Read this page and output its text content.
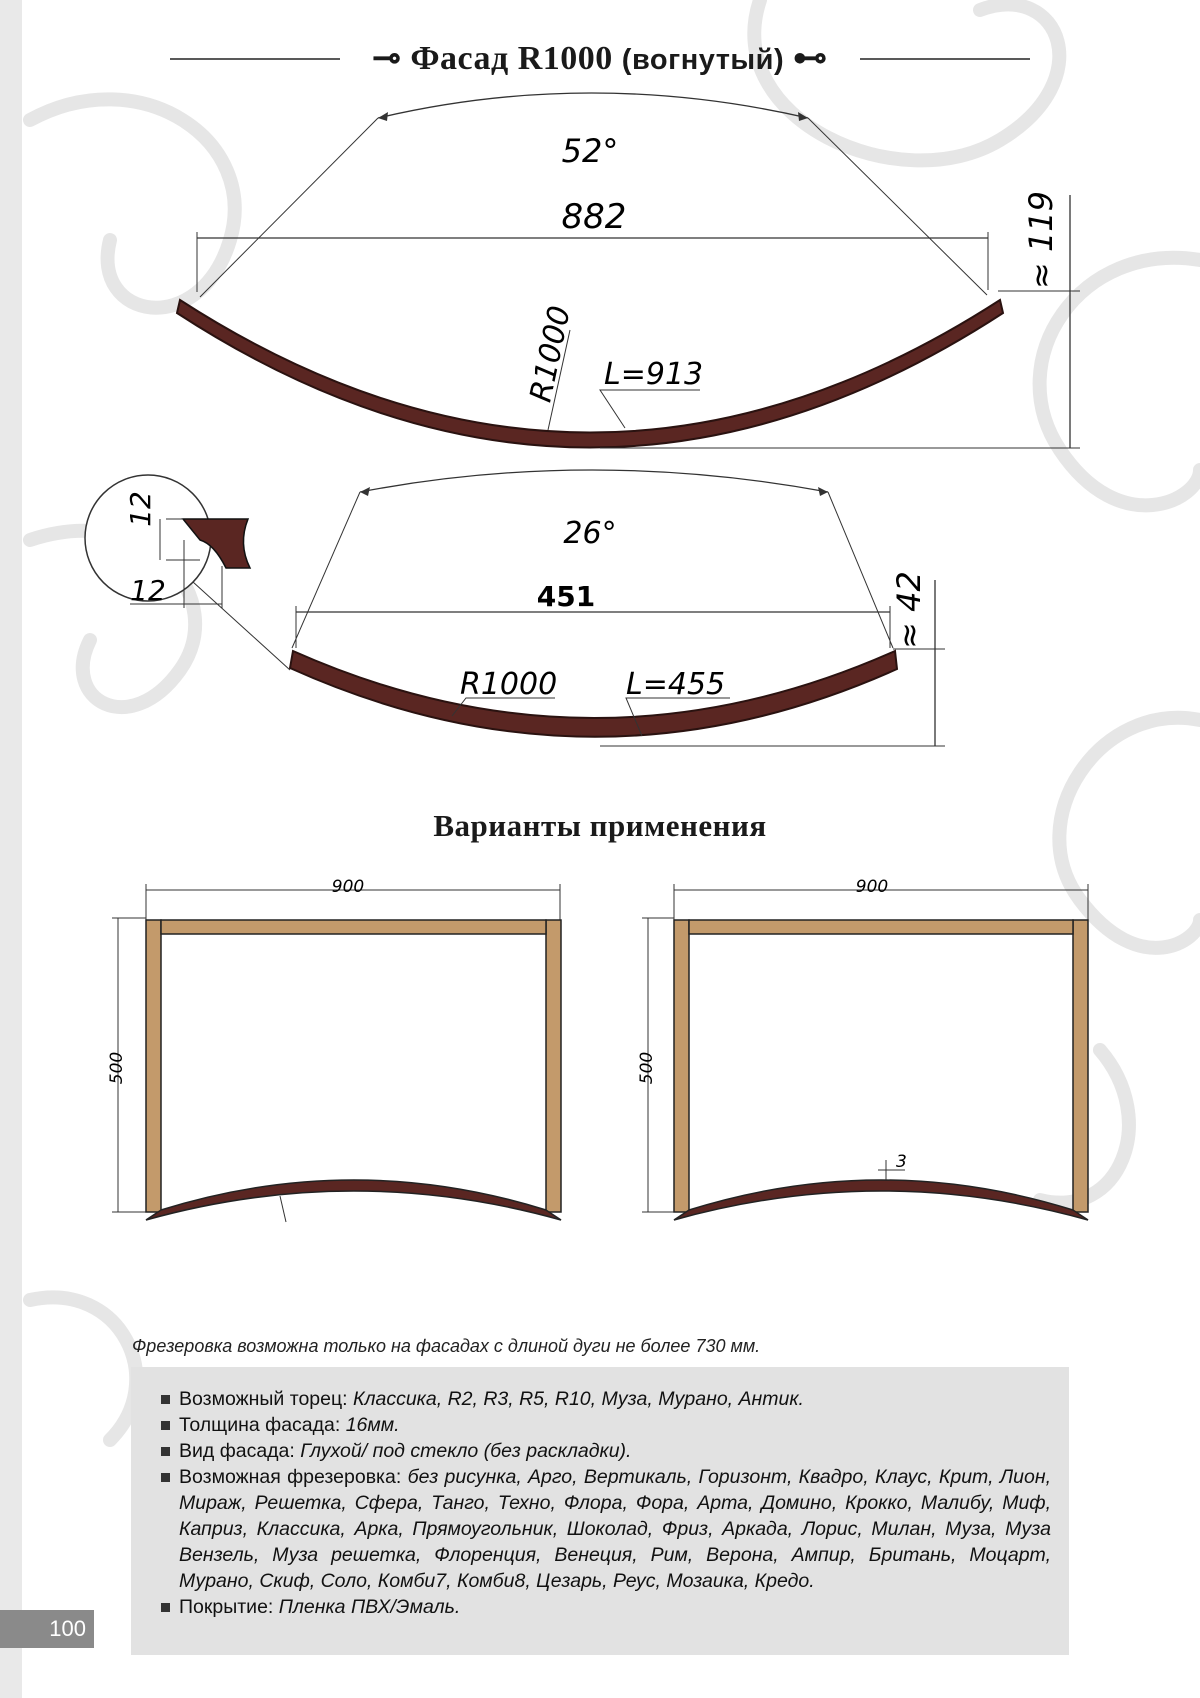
⊸ Фасад R1000 (вогнутый) ⊷
52°
882	≈ 119
R1000 L=913
26°
451	≈ 42
R1000 L=455
12
12
900
500
900
500
3
Варианты применения
Фрезеровка возможна только на фасадах с длиной дуги не более 730 мм.
Возможный торец: Классика, R2, R3, R5, R10, Муза, Мурано, Антик.
Толщина фасада: 16мм.
Вид фасада: Глухой/ под стекло (без раскладки).
Возможная фрезеровка: без рисунка, Арго, Вертикаль, Горизонт, Квадро, Клаус, Крит, Лион, Мираж, Решетка, Сфера, Танго, Техно, Флора, Фора, Арта, Домино, Крокко, Малибу, Миф, Каприз, Классика, Арка, Прямоугольник, Шоколад, Фриз, Аркада, Лорис, Милан, Муза, Муза Вензель, Муза решетка, Флоренция, Венеция, Рим, Верона, Ампир, Британь, Моцарт, Мурано, Скиф, Соло, Комби7, Комби8, Цезарь, Реус, Мозаика, Кредо.
Покрытие: Пленка ПВХ/Эмаль.
100
